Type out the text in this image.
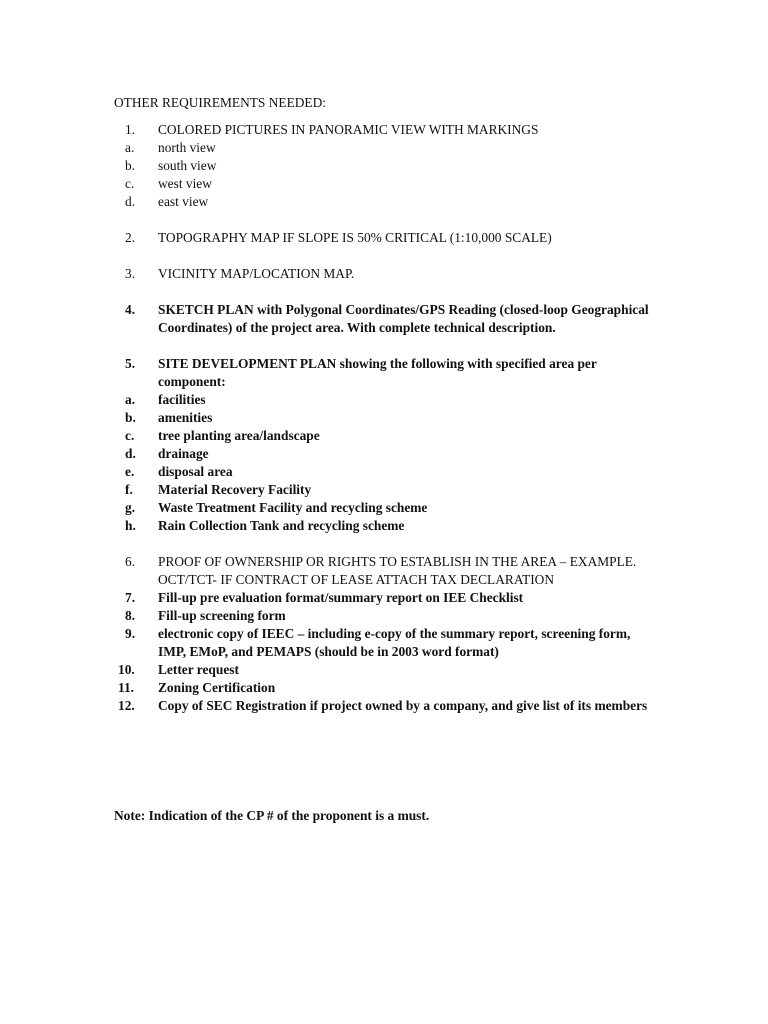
OTHER REQUIREMENTS NEEDED:
1. COLORED PICTURES IN PANORAMIC VIEW WITH MARKINGS
a. north view
b. south view
c. west view
d. east view
2. TOPOGRAPHY MAP IF SLOPE IS 50% CRITICAL (1:10,000 SCALE)
3. VICINITY MAP/LOCATION MAP.
4. SKETCH PLAN with Polygonal Coordinates/GPS Reading (closed-loop Geographical Coordinates) of the project area. With complete technical description.
5. SITE DEVELOPMENT PLAN showing the following with specified area per component:
a. facilities
b. amenities
c. tree planting area/landscape
d. drainage
e. disposal area
f. Material Recovery Facility
g. Waste Treatment Facility and recycling scheme
h. Rain Collection Tank and recycling scheme
6. PROOF OF OWNERSHIP OR RIGHTS TO ESTABLISH IN THE AREA – EXAMPLE. OCT/TCT- IF CONTRACT OF LEASE ATTACH TAX DECLARATION
7. Fill-up pre evaluation format/summary report on IEE Checklist
8. Fill-up screening form
9. electronic copy of IEEC – including e-copy of the summary report, screening form, IMP, EMoP, and PEMAPS (should be in 2003 word format)
10. Letter request
11. Zoning Certification
12. Copy of SEC Registration if project owned by a company, and give list of its members
Note: Indication of the CP # of the proponent is a must.
